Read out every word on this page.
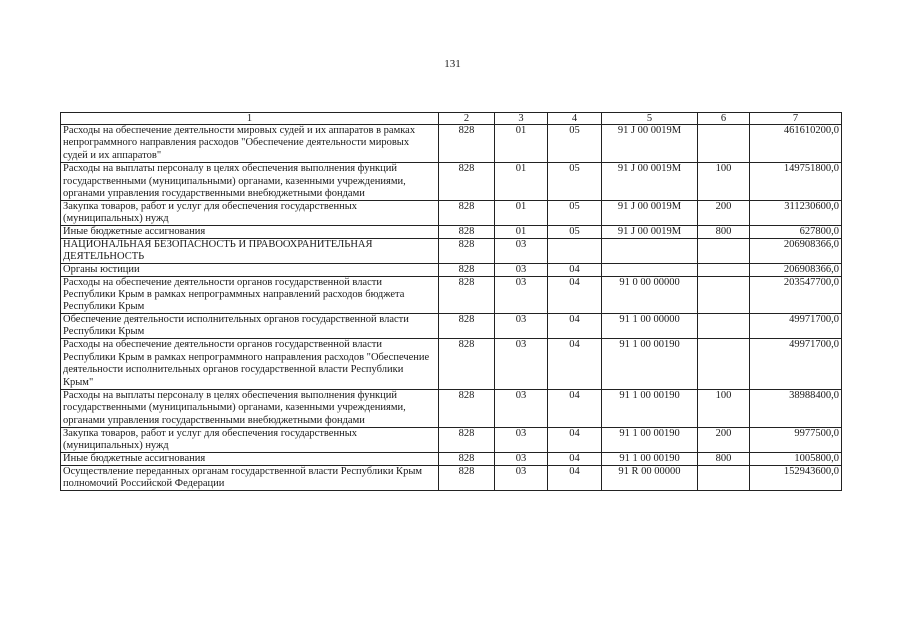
131
1	2	3	4	5	6	7
Расходы на обеспечение деятельности мировых судей и их аппаратов в рамках непрограммного направления расходов "Обеспечение деятельности мировых судей и их аппаратов"	828	01	05	91 J 00 0019M		461610200,0
Расходы на выплаты персоналу в целях обеспечения выполнения функций государственными (муниципальными) органами, казенными учреждениями, органами управления государственными внебюджетными фондами	828	01	05	91 J 00 0019M	100	149751800,0
Закупка товаров, работ и услуг для обеспечения государственных (муниципальных) нужд	828	01	05	91 J 00 0019M	200	311230600,0
Иные бюджетные ассигнования	828	01	05	91 J 00 0019M	800	627800,0
НАЦИОНАЛЬНАЯ БЕЗОПАСНОСТЬ И ПРАВООХРАНИТЕЛЬНАЯ ДЕЯТЕЛЬНОСТЬ	828	03				206908366,0
Органы юстиции	828	03	04			206908366,0
Расходы на обеспечение деятельности органов государственной власти Республики Крым в рамках непрограммных направлений расходов бюджета Республики Крым	828	03	04	91 0 00 00000		203547700,0
Обеспечение деятельности исполнительных органов государственной власти Республики Крым	828	03	04	91 1 00 00000		49971700,0
Расходы на обеспечение деятельности органов государственной власти Республики Крым в рамках непрограммного направления расходов "Обеспечение деятельности исполнительных органов государственной власти Республики Крым"	828	03	04	91 1 00 00190		49971700,0
Расходы на выплаты персоналу в целях обеспечения выполнения функций государственными (муниципальными) органами, казенными учреждениями, органами управления государственными внебюджетными фондами	828	03	04	91 1 00 00190	100	38988400,0
Закупка товаров, работ и услуг для обеспечения государственных (муниципальных) нужд	828	03	04	91 1 00 00190	200	9977500,0
Иные бюджетные ассигнования	828	03	04	91 1 00 00190	800	1005800,0
Осуществление переданных органам государственной власти Республики Крым полномочий Российской Федерации	828	03	04	91 R 00 00000		152943600,0
